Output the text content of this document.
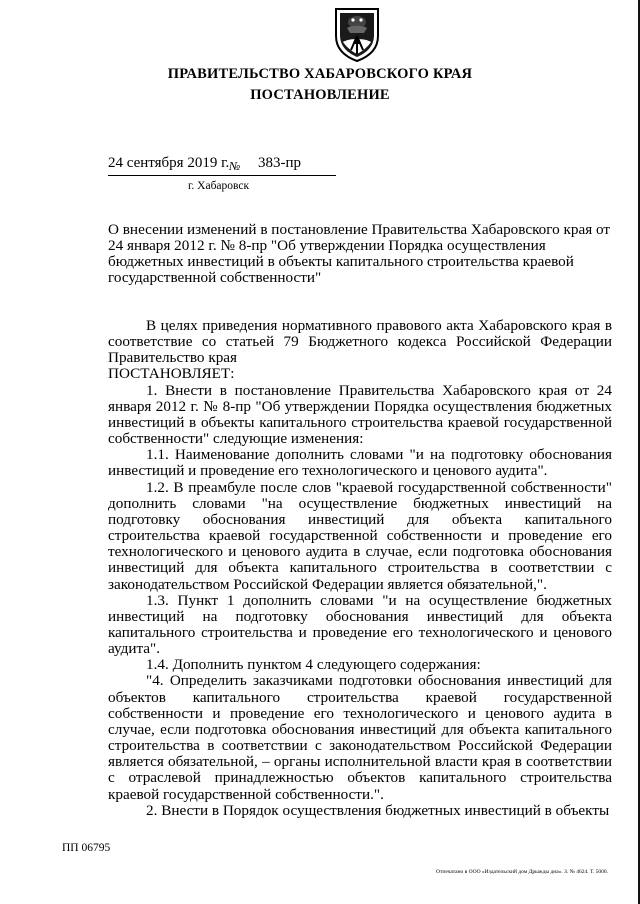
ПРАВИТЕЛЬСТВО ХАБАРОВСКОГО КРАЯ
ПОСТАНОВЛЕНИЕ
24 сентября 2019 г. № 383-пр
г. Хабаровск
О внесении изменений в постановление Правительства Хабаровского края от 24 января 2012 г. № 8-пр "Об утверждении Порядка осуществления бюджетных инвестиций в объекты капитального строительства краевой государственной собственности"

В целях приведения нормативного правового акта Хабаровского края в соответствие со статьей 79 Бюджетного кодекса Российской Федерации Правительство края

ПОСТАНОВЛЯЕТ:

1. Внести в постановление Правительства Хабаровского края от 24 января 2012 г. № 8-пр "Об утверждении Порядка осуществления бюджетных инвестиций в объекты капитального строительства краевой государственной собственности" следующие изменения:

1.1. Наименование дополнить словами "и на подготовку обоснования инвестиций и проведение его технологического и ценового аудита".

1.2. В преамбуле после слов "краевой государственной собственности" дополнить словами "на осуществление бюджетных инвестиций на подготовку обоснования инвестиций для объекта капитального строительства краевой государственной собственности и проведение его технологического и ценового аудита в случае, если подготовка обоснования инвестиций для объекта капитального строительства в соответствии с законодательством Российской Федерации является обязательной,".

1.3. Пункт 1 дополнить словами "и на осуществление бюджетных инвестиций на подготовку обоснования инвестиций для объекта капитального строительства и проведение его технологического и ценового аудита".

1.4. Дополнить пунктом 4 следующего содержания:

"4. Определить заказчиками подготовки обоснования инвестиций для объектов капитального строительства краевой государственной собственности и проведение его технологического и ценового аудита в случае, если подготовка обоснования инвестиций для объекта капитального строительства в соответствии с законодательством Российской Федерации является обязательной, – органы исполнительной власти края в соответствии с отраслевой принадлежностью объектов капитального строительства краевой государственной собственности.".

2. Внести в Порядок осуществления бюджетных инвестиций в объекты

ПП 06795
Отпечатано в ООО «Издательский дом Дрыжды дна». З. № 4624. Т. 5000.
